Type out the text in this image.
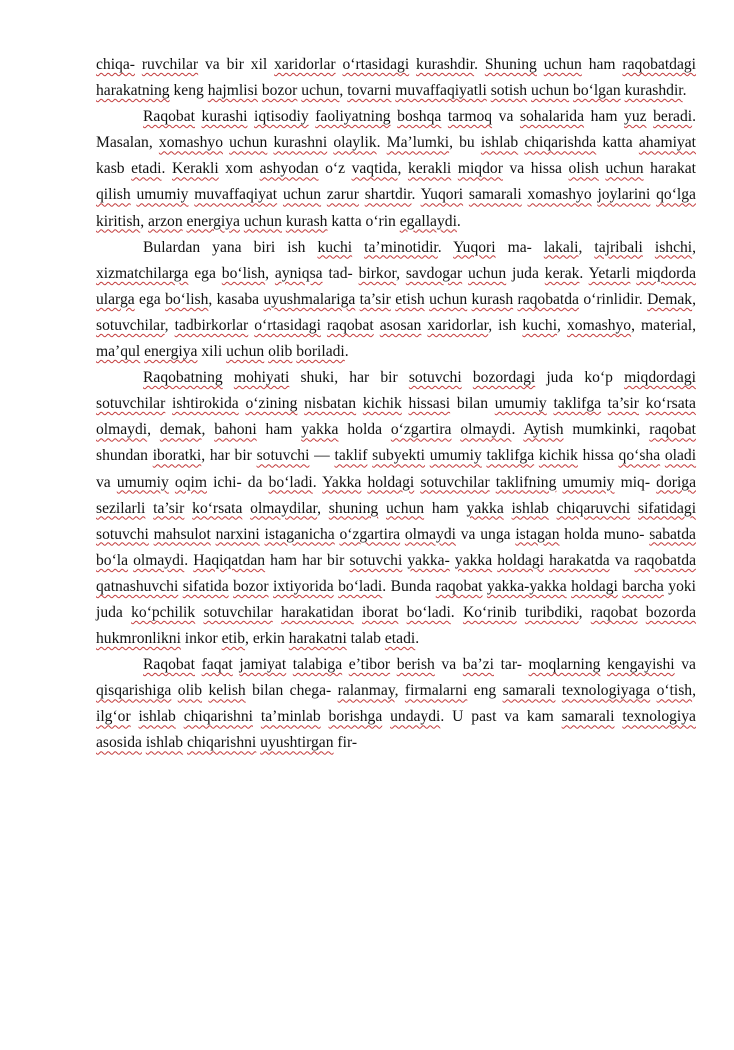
chiqa- ruvchilar va bir xil xaridorlar o‘rtasidagi kurashdir. Shuning uchun ham raqobatdagi harakatning keng hajmlisi bozor uchun, tovarni muvaffaqiyatli sotish uchun bo‘lgan kurashdir.

Raqobat kurashi iqtisodiy faoliyatning boshqa tarmoq va sohalarida ham yuz beradi. Masalan, xomashyo uchun kurashni olaylik. Ma’lumki, bu ishlab chiqarishda katta ahamiyat kasb etadi. Kerakli xom ashyodan o‘z vaqtida, kerakli miqdor va hissa olish uchun harakat qilish umumiy muvaffaqiyat uchun zarur shartdir. Yuqori samarali xomashyo joylarini qo‘lga kiritish, arzon energiya uchun kurash katta o‘rin egallaydi.

Bulardan yana biri ish kuchi ta’minotidir. Yuqori ma- lakali, tajribali ishchi, xizmatchilarga ega bo‘lish, ayniqsa tad- birkor, savdogar uchun juda kerak. Yetarli miqdorda ularga ega bo‘lish, kasaba uyushmalariga ta’sir etish uchun kurash raqobatda o‘rinlidir. Demak, sotuvchilar, tadbirkorlar o‘rtasidagi raqobat asosan xaridorlar, ish kuchi, xomashyo, material, ma’qul energiya xili uchun olib boriladi.

Raqobatning mohiyati shuki, har bir sotuvchi bozordagi juda ko‘p miqdordagi sotuvchilar ishtirokida o‘zining nisbatan kichik hissasi bilan umumiy taklifga ta’sir ko‘rsata olmaydi, demak, bahoni ham yakka holda o‘zgartira olmaydi. Aytish mumkinki, raqobat shundan iboratki, har bir sotuvchi — taklif subyekti umumiy taklifga kichik hissa qo‘sha oladi va umumiy oqim ichi- da bo‘ladi. Yakka holdagi sotuvchilar taklifning umumiy miq- doriga sezilarli ta’sir ko‘rsata olmaydilar, shuning uchun ham yakka ishlab chiqaruvchi sifatidagi sotuvchi mahsulot narxini istaganicha o‘zgartira olmaydi va unga istagan holda muno- sabatda bo‘la olmaydi. Haqiqatdan ham har bir sotuvchi yakka- yakka holdagi harakatda va raqobatda qatnashuvchi sifatida bozor ixtiyorida bo‘ladi. Bunda raqobat yakka-yakka holdagi barcha yoki juda ko‘pchilik sotuvchilar harakatidan iborat bo‘ladi. Ko‘rinib turibdiki, raqobat bozorda hukmronlikni inkor etib, erkin harakatni talab etadi.

Raqobat faqat jamiyat talabiga e’tibor berish va ba’zi tar- moqlarning kengayishi va qisqarishiga olib kelish bilan chega- ralanmay, firmalarni eng samarali texnologiyaga o‘tish, ilg‘or ishlab chiqarishni ta’minlab borishga undaydi. U past va kam samarali texnologiya asosida ishlab chiqarishni uyushtirgan fir-
